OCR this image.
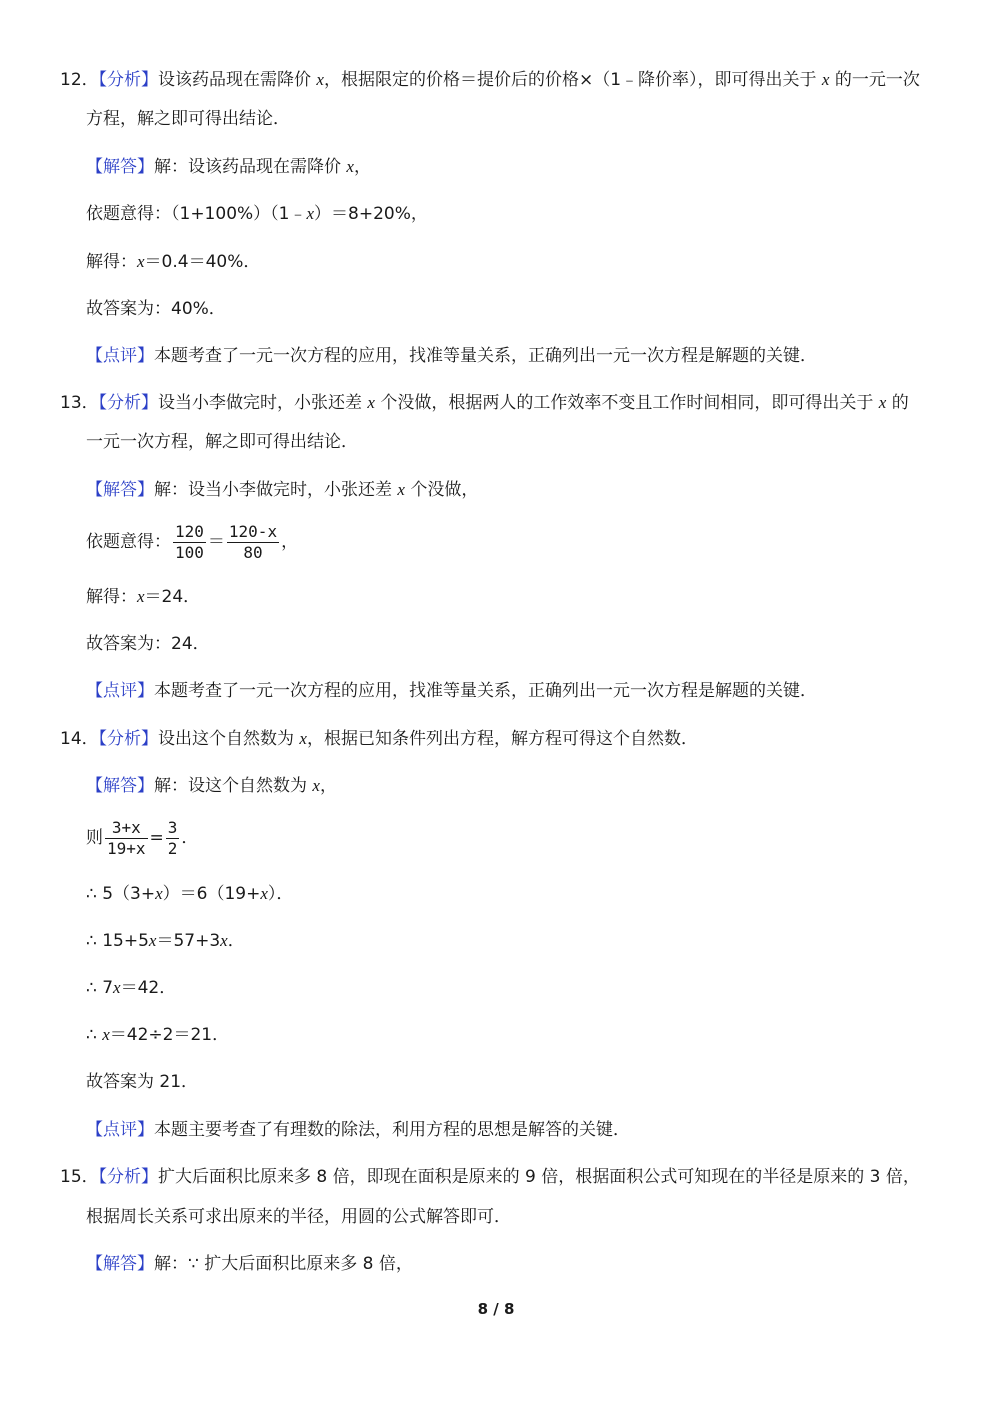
12．【分析】设该药品现在需降价 x，根据限定的价格＝提价后的价格×（1﹣降价率），即可得出关于 x 的一元一次
方程，解之即可得出结论．
【解答】解：设该药品现在需降价 x，
依题意得：（1+100%）（1﹣x）＝8+20%，
解得：x＝0.4＝40%．
故答案为：40%．
【点评】本题考查了一元一次方程的应用，找准等量关系，正确列出一元一次方程是解题的关键．
13．【分析】设当小李做完时，小张还差 x 个没做，根据两人的工作效率不变且工作时间相同，即可得出关于 x 的
一元一次方程，解之即可得出结论．
【解答】解：设当小李做完时，小张还差 x 个没做，
依题意得： $\frac{120}{100} = \frac{120-x}{80}$ ，
解得：x＝24．
故答案为：24．
【点评】本题考查了一元一次方程的应用，找准等量关系，正确列出一元一次方程是解题的关键．
14．【分析】设出这个自然数为 x，根据已知条件列出方程，解方程可得这个自然数．
【解答】解：设这个自然数为 x，
则 $\frac{3+x}{19+x} = \frac{3}{2}$ ．
∴ 5（3+x）＝6（19+x）．
∴ 15+5x＝57+3x．
∴ 7x＝42．
∴ x＝42÷2＝21．
故答案为 21．
【点评】本题主要考查了有理数的除法，利用方程的思想是解答的关键．
15．【分析】扩大后面积比原来多 8 倍，即现在面积是原来的 9 倍，根据面积公式可知现在的半径是原来的 3 倍，
根据周长关系可求出原来的半径，用圆的公式解答即可．
【解答】解：∵ 扩大后面积比原来多 8 倍，
8 / 8
